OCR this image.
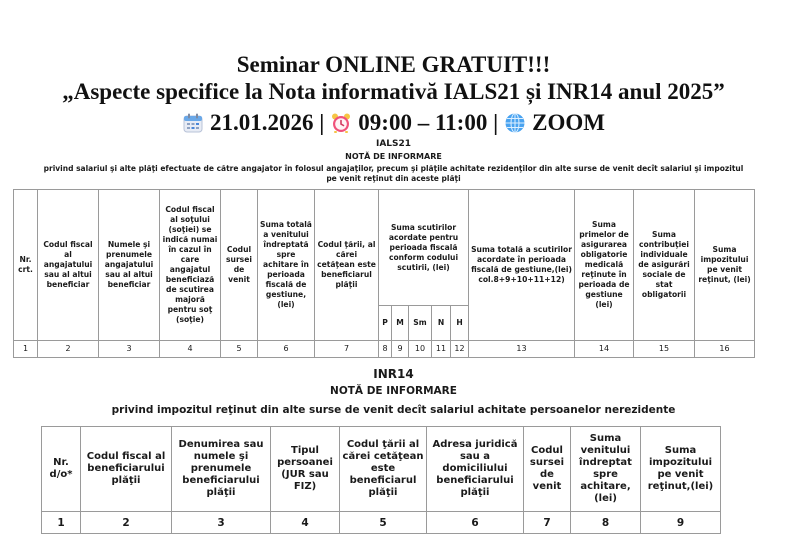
Seminar ONLINE GRATUIT!!!
„Aspecte specifice la Nota informativă IALS21 și INR14 anul 2025”
21.01.2026 | 09:00 – 11:00 | ZOOM
IALS21
NOTĂ DE INFORMARE
privind salariul şi alte plăţi efectuate de către angajator în folosul angajaţilor, precum şi plăţile achitate rezidenţilor din alte surse de venit decît salariul şi impozitul pe venit reţinut din aceste plăţi
Nr. crt.	Codul fiscal al angajatului sau al altui beneficiar	Numele şi prenumele angajatului sau al altui beneficiar	Codul fiscal al soţului (soţiei) se indică numai în cazul în care angajatul beneficiază de scutirea majoră pentru soţ (soţie)	Codul sursei de venit	Suma totală a venitului îndreptată spre achitare în perioada fiscală de gestiune, (lei)	Codul ţării, al cărei cetăţean este beneficiarul plăţii	Suma scutirilor acordate pentru perioada fiscală conform codului scutirii, (lei)					Suma totală a scutirilor acordate în perioada fiscală de gestiune,(lei) col.8+9+10+11+12)	Suma primelor de asigurarea obligatorie medicală reţinute în perioada de gestiune (lei)	Suma contribuţiei individuale de asigurări sociale de stat obligatorii	Suma impozitului pe venit reţinut, (lei)
							P	M	Sm	N	H				
1	2	3	4	5	6	7	8	9	10	11	12	13	14	15	16
INR14
NOTĂ DE INFORMARE
privind impozitul reţinut din alte surse de venit decît salariul achitate persoanelor nerezidente
Nr. d/o*	Codul fiscal al beneficiarului plăţii	Denumirea sau numele şi prenumele beneficiarului plăţii	Tipul persoanei (JUR sau FIZ)	Codul ţării al cărei cetăţean este beneficiarul plăţii	Adresa juridică sau a domiciliului beneficiarului plăţii	Codul sursei de venit	Suma venitului îndreptat spre achitare, (lei)	Suma impozitului pe venit reţinut,(lei)
1	2	3	4	5	6	7	8	9
